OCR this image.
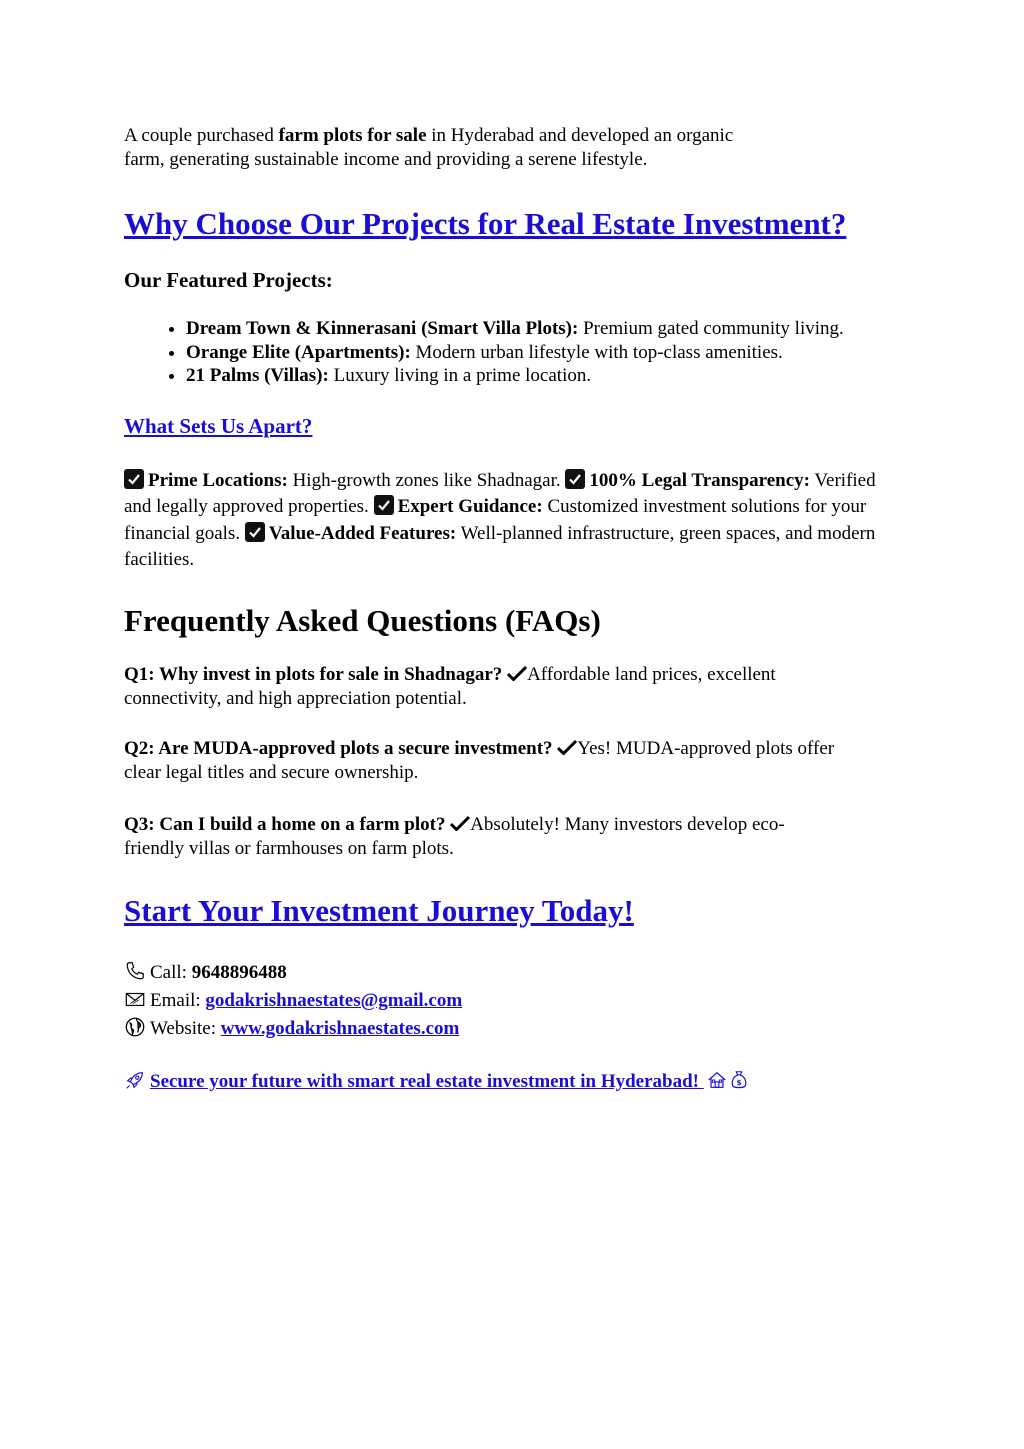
A couple purchased farm plots for sale in Hyderabad and developed an organic
farm, generating sustainable income and providing a serene lifestyle.

Why Choose Our Projects for Real Estate Investment?

Our Featured Projects:

• Dream Town & Kinnerasani (Smart Villa Plots): Premium gated community living.
• Orange Elite (Apartments): Modern urban lifestyle with top-class amenities.
• 21 Palms (Villas): Luxury living in a prime location.
What Sets Us Apart?

Prime Locations: High-growth zones like Shadnagar.
100% Legal Transparency: Verified and legally approved properties.
Expert Guidance: Customized investment solutions for your financial goals.
Value-Added Features: Well-planned infrastructure, green spaces, and modern facilities.

Frequently Asked Questions (FAQs)

Q1: Why invest in plots for sale in Shadnagar? Affordable land prices, excellent connectivity, and high appreciation potential.

Q2: Are MUDA-approved plots a secure investment? Yes! MUDA-approved plots offer clear legal titles and secure ownership.

Q3: Can I build a home on a farm plot? Absolutely! Many investors develop eco-friendly villas or farmhouses on farm plots.

Start Your Investment Journey Today!
Call: 9648896488
Email: godakrishnaestates@gmail.com
Website: www.godakrishnaestates.com
Secure your future with smart real estate investment in Hyderabad!	$
